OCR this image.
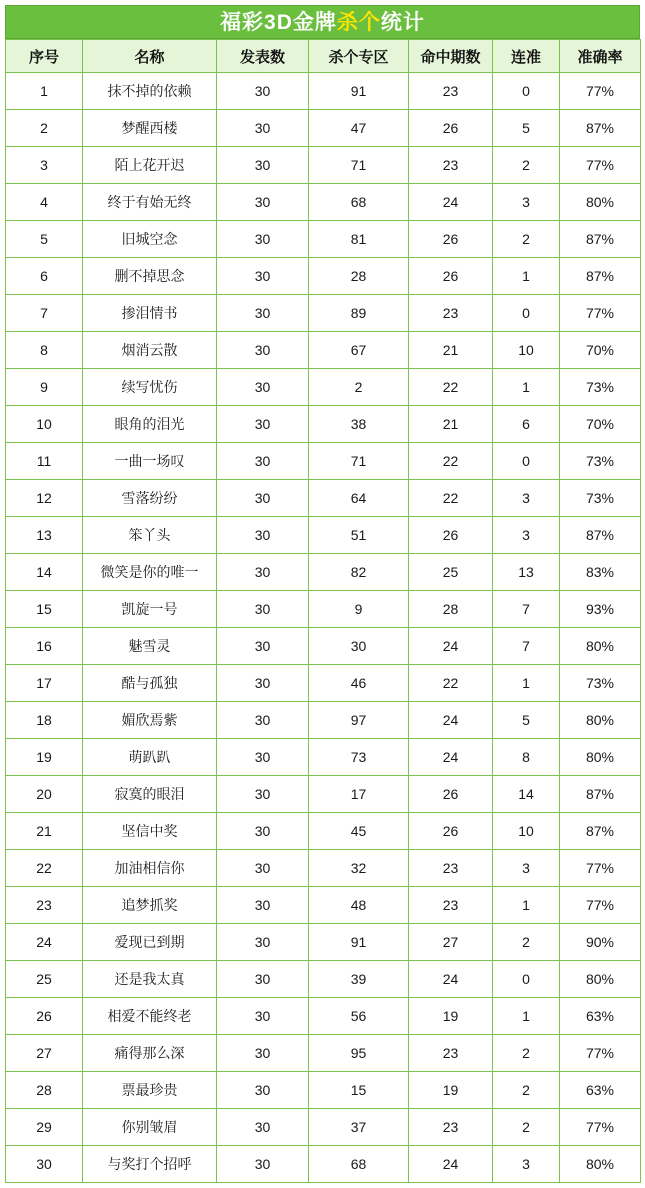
福彩3D金牌杀个统计
序号	名称	发表数	杀个专区	命中期数	连准	准确率
1	抹不掉的依赖	30	91	23	0	77%
2	梦醒西楼	30	47	26	5	87%
3	陌上花开迟	30	71	23	2	77%
4	终于有始无终	30	68	24	3	80%
5	旧城空念	30	81	26	2	87%
6	删不掉思念	30	28	26	1	87%
7	掺泪情书	30	89	23	0	77%
8	烟消云散	30	67	21	10	70%
9	续写忧伤	30	2	22	1	73%
10	眼角的泪光	30	38	21	6	70%
11	一曲一场叹	30	71	22	0	73%
12	雪落纷纷	30	64	22	3	73%
13	笨丫头	30	51	26	3	87%
14	微笑是你的唯一	30	82	25	13	83%
15	凯旋一号	30	9	28	7	93%
16	魅雪灵	30	30	24	7	80%
17	酷与孤独	30	46	22	1	73%
18	媚欣焉紫	30	97	24	5	80%
19	萌趴趴	30	73	24	8	80%
20	寂寞的眼泪	30	17	26	14	87%
21	坚信中奖	30	45	26	10	87%
22	加油相信你	30	32	23	3	77%
23	追梦抓奖	30	48	23	1	77%
24	爱现已到期	30	91	27	2	90%
25	还是我太真	30	39	24	0	80%
26	相爱不能终老	30	56	19	1	63%
27	痛得那么深	30	95	23	2	77%
28	票最珍贵	30	15	19	2	63%
29	你别皱眉	30	37	23	2	77%
30	与奖打个招呼	30	68	24	3	80%
